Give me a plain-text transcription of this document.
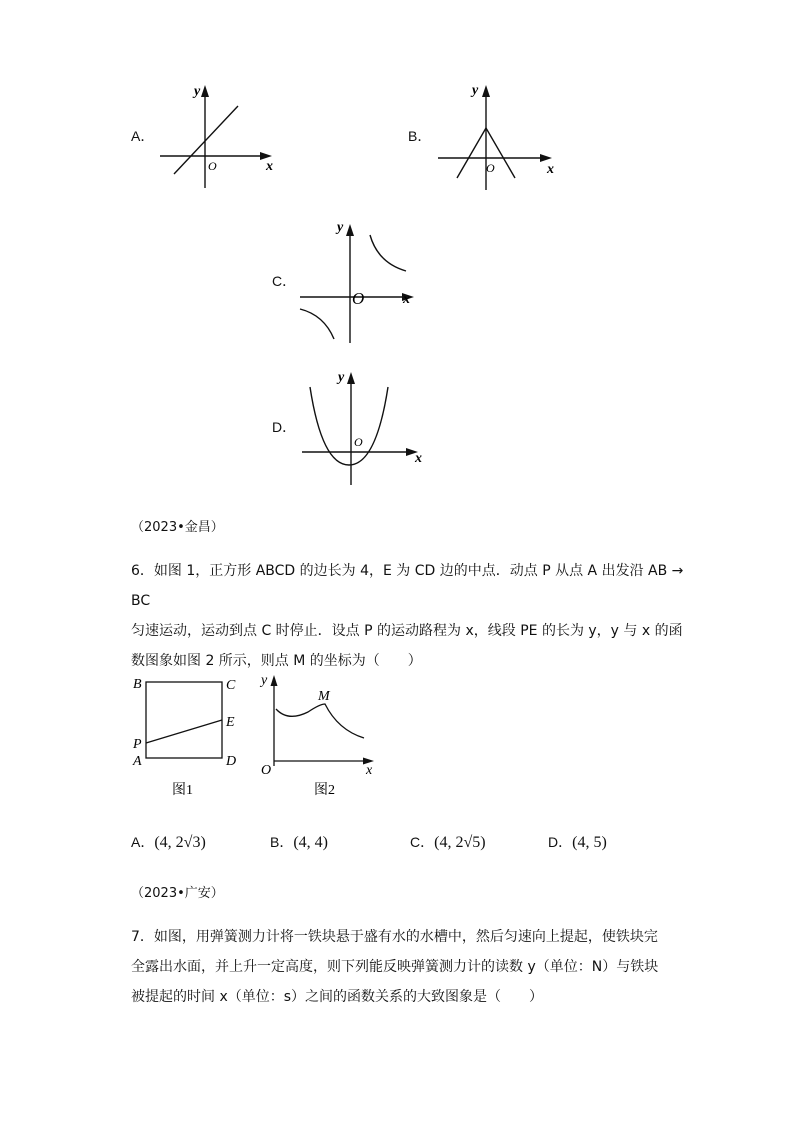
A．
y
x
O
B．
y
x
O
C．
y
x
O
D．
y
x
O
（2023•金昌）
6．如图 1，正方形 ABCD 的边长为 4，E 为 CD 边的中点．动点 P 从点 A 出发沿 AB → BC
匀速运动，运动到点 C 时停止．设点 P 的运动路程为 x，线段 PE 的长为 y，y 与 x 的函
数图象如图 2 所示，则点 M 的坐标为（　　）
B	C
E
P
A	D
图1
y
M
O	x
图2
A．(4, 2√3)	B．(4, 4)	C．(4, 2√5)	D．(4, 5)
（2023•广安）
7．如图，用弹簧测力计将一铁块悬于盛有水的水槽中，然后匀速向上提起，使铁块完
全露出水面，并上升一定高度，则下列能反映弹簧测力计的读数 y（单位：N）与铁块
被提起的时间 x（单位：s）之间的函数关系的大致图象是（　　）
